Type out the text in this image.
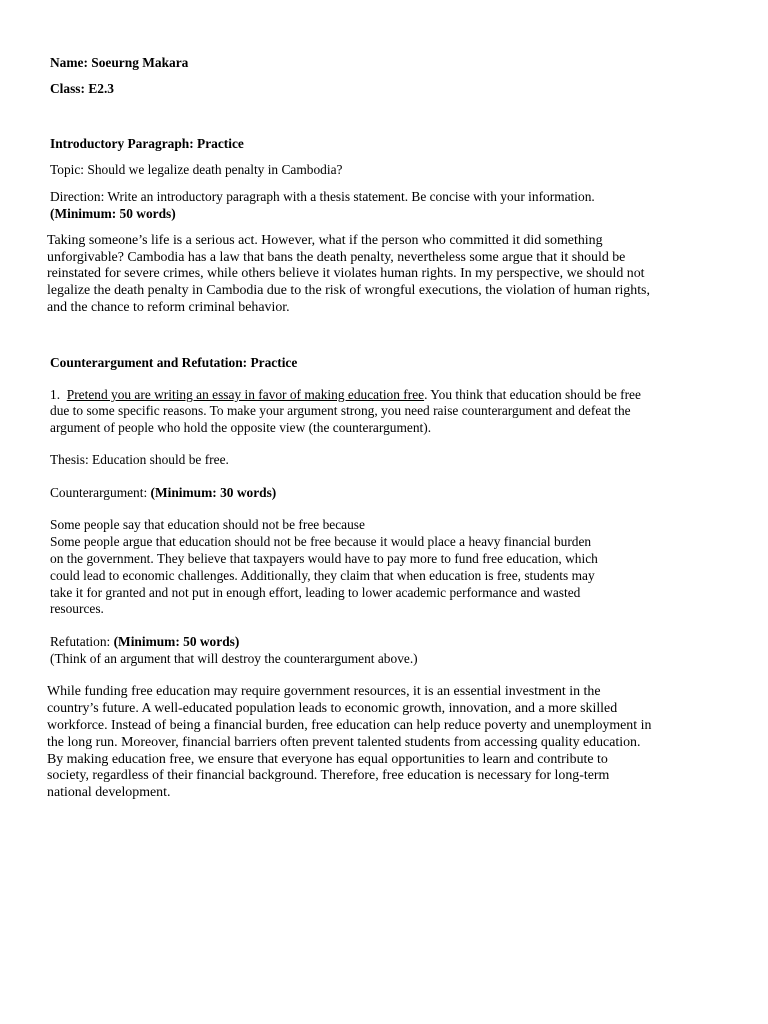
Name: Soeurng Makara

Class: E2.3

Introductory Paragraph: Practice

Topic: Should we legalize death penalty in Cambodia?

Direction: Write an introductory paragraph with a thesis statement. Be concise with your information.

(Minimum: 50 words)

Taking someone’s life is a serious act. However, what if the person who committed it did something

unforgivable? Cambodia has a law that bans the death penalty, nevertheless some argue that it should be

reinstated for severe crimes, while others believe it violates human rights. In my perspective, we should not

legalize the death penalty in Cambodia due to the risk of wrongful executions, the violation of human rights,

and the chance to reform criminal behavior.

Counterargument and Refutation: Practice

1. Pretend you are writing an essay in favor of making education free. You think that education should be free

due to some specific reasons. To make your argument strong, you need raise counterargument and defeat the

argument of people who hold the opposite view (the counterargument).

Thesis: Education should be free.

Counterargument: (Minimum: 30 words)

Some people say that education should not be free because

Some people argue that education should not be free because it would place a heavy financial burden

on the government. They believe that taxpayers would have to pay more to fund free education, which

could lead to economic challenges. Additionally, they claim that when education is free, students may

take it for granted and not put in enough effort, leading to lower academic performance and wasted

resources.

Refutation: (Minimum: 50 words)

(Think of an argument that will destroy the counterargument above.)

While funding free education may require government resources, it is an essential investment in the

country’s future. A well-educated population leads to economic growth, innovation, and a more skilled

workforce. Instead of being a financial burden, free education can help reduce poverty and unemployment in

the long run. Moreover, financial barriers often prevent talented students from accessing quality education.

By making education free, we ensure that everyone has equal opportunities to learn and contribute to

society, regardless of their financial background. Therefore, free education is necessary for long-term

national development.
